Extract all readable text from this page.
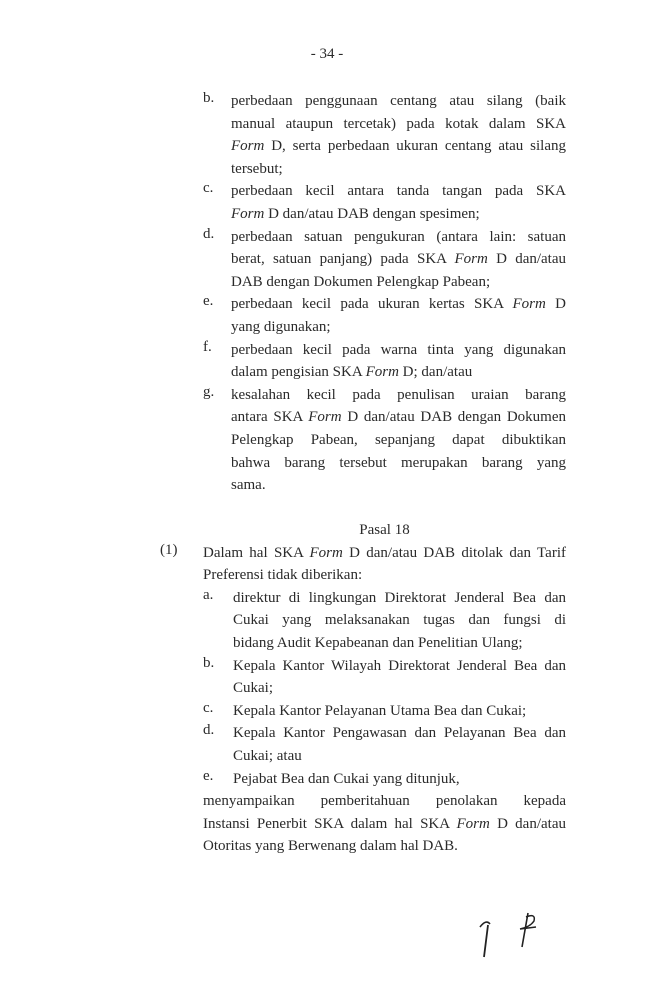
- 34 -
b. perbedaan penggunaan centang atau silang (baik
manual ataupun tercetak) pada kotak dalam SKA
Form D, serta perbedaan ukuran centang atau silang
tersebut;
c. perbedaan kecil antara tanda tangan pada SKA
Form D dan/atau DAB dengan spesimen;
d. perbedaan satuan pengukuran (antara lain: satuan
berat, satuan panjang) pada SKA Form D dan/atau
DAB dengan Dokumen Pelengkap Pabean;
e. perbedaan kecil pada ukuran kertas SKA Form D
yang digunakan;
f. perbedaan kecil pada warna tinta yang digunakan
dalam pengisian SKA Form D; dan/atau
g. kesalahan kecil pada penulisan uraian barang
antara SKA Form D dan/atau DAB dengan Dokumen
Pelengkap Pabean, sepanjang dapat dibuktikan
bahwa barang tersebut merupakan barang yang
sama.
Pasal 18
(1) Dalam hal SKA Form D dan/atau DAB ditolak dan Tarif
Preferensi tidak diberikan:
a. direktur di lingkungan Direktorat Jenderal Bea dan
Cukai yang melaksanakan tugas dan fungsi di
bidang Audit Kepabeanan dan Penelitian Ulang;
b. Kepala Kantor Wilayah Direktorat Jenderal Bea dan
Cukai;
c. Kepala Kantor Pelayanan Utama Bea dan Cukai;
d. Kepala Kantor Pengawasan dan Pelayanan Bea dan
Cukai; atau
e. Pejabat Bea dan Cukai yang ditunjuk,
menyampaikan pemberitahuan penolakan kepada
Instansi Penerbit SKA dalam hal SKA Form D dan/atau
Otoritas yang Berwenang dalam hal DAB.
